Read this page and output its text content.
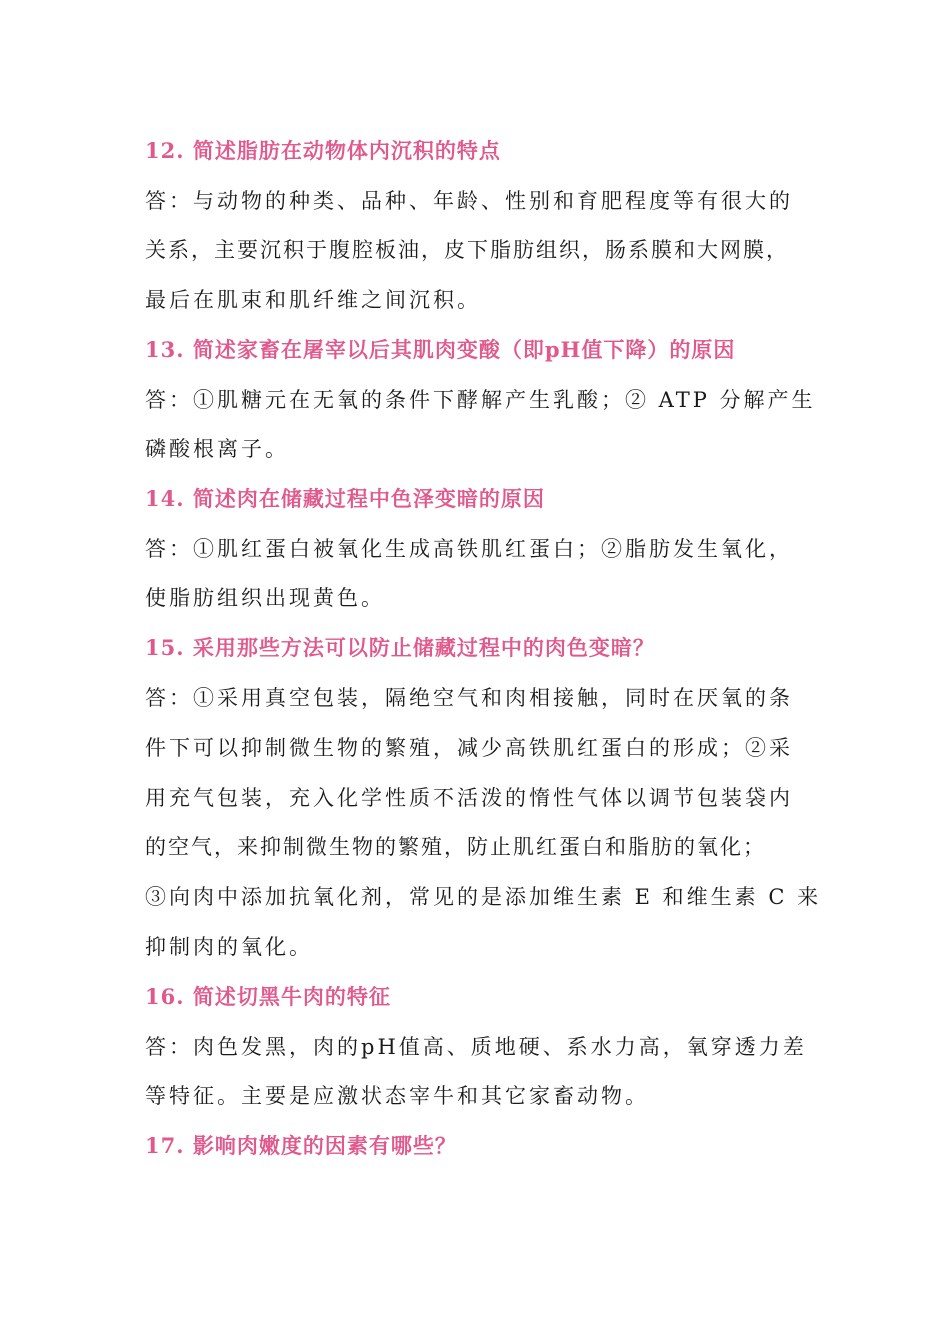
12. 简述脂肪在动物体内沉积的特点
答：与动物的种类、品种、年龄、性别和育肥程度等有很大的
关系，主要沉积于腹腔板油，皮下脂肪组织，肠系膜和大网膜，
最后在肌束和肌纤维之间沉积。
13. 简述家畜在屠宰以后其肌肉变酸（即pH值下降）的原因
答：①肌糖元在无氧的条件下酵解产生乳酸；② ATP 分解产生
磷酸根离子。
14. 简述肉在储藏过程中色泽变暗的原因
答：①肌红蛋白被氧化生成高铁肌红蛋白；②脂肪发生氧化，
使脂肪组织出现黄色。
15. 采用那些方法可以防止储藏过程中的肉色变暗？
答：①采用真空包装，隔绝空气和肉相接触，同时在厌氧的条
件下可以抑制微生物的繁殖，减少高铁肌红蛋白的形成；②采
用充气包装，充入化学性质不活泼的惰性气体以调节包装袋内
的空气，来抑制微生物的繁殖，防止肌红蛋白和脂肪的氧化；
③向肉中添加抗氧化剂，常见的是添加维生素 E 和维生素 C 来
抑制肉的氧化。
16. 简述切黑牛肉的特征
答：肉色发黑，肉的pH值高、质地硬、系水力高，氧穿透力差
等特征。主要是应激状态宰牛和其它家畜动物。
17. 影响肉嫩度的因素有哪些？
